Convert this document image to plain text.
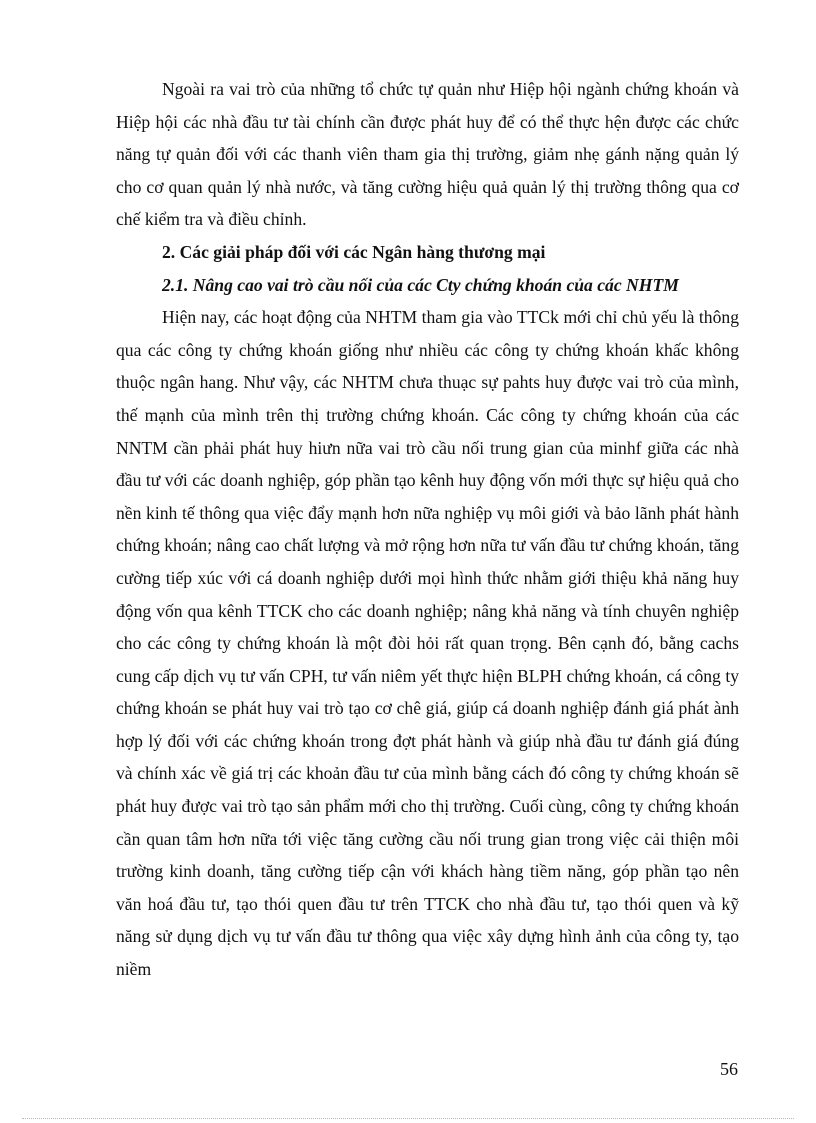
Ngoài ra vai trò của những tổ chức tự quản như Hiệp hội ngành chứng khoán và Hiệp hội các nhà đầu tư tài chính cần được phát huy để có thể thực hện được các chức năng tự quản đối với các thanh viên tham gia thị trường, giảm nhẹ gánh nặng quản lý cho cơ quan quản lý nhà nước, và tăng cường hiệu quả quản lý thị trường thông qua cơ chế kiểm tra và điều chỉnh.

2. Các giải pháp đối với các Ngân hàng thương mại

2.1. Nâng cao vai trò cầu nối của các Cty chứng khoán của các NHTM

Hiện nay, các hoạt động của NHTM tham gia vào TTCk mới chỉ chủ yếu là thông qua các công ty chứng khoán giống như nhiều các công ty chứng khoán khấc không thuộc ngân hang. Như vậy, các NHTM chưa thuạc sự pahts huy được vai trò của mình, thế mạnh của mình trên thị trường chứng khoán. Các công ty chứng khoán của các NNTM cần phải phát huy hiưn nữa vai trò cầu nối trung gian của minhf giữa các nhà đầu tư với các doanh nghiệp, góp phần tạo kênh huy động vốn mới thực sự hiệu quả cho nền kinh tế thông qua việc đẩy mạnh hơn nữa nghiệp vụ môi giới và bảo lãnh phát hành chứng khoán; nâng cao chất lượng và mở rộng hơn nữa tư vấn đầu tư chứng khoán, tăng cường tiếp xúc với cá doanh nghiệp dưới mọi hình thức nhằm giới thiệu khả năng huy động vốn qua kênh TTCK cho các doanh nghiệp; nâng khả năng và tính chuyên nghiệp cho các công ty chứng khoán là một đòi hỏi rất quan trọng. Bên cạnh đó, bằng cachs cung cấp dịch vụ tư vấn CPH, tư vấn niêm yết thực hiện BLPH chứng khoán, cá công ty chứng khoán se phát huy vai trò tạo cơ chê giá, giúp cá doanh nghiệp đánh giá phát ành hợp lý đối với các chứng khoán trong đợt phát hành và giúp nhà đầu tư đánh giá đúng và chính xác về giá trị các khoản đầu tư của mình bằng cách đó công ty chứng khoán sẽ phát huy được vai trò tạo sản phẩm mới cho thị trường. Cuối cùng, công ty chứng khoán cần quan tâm hơn nữa tới việc tăng cường cầu nối trung gian trong việc cải thiện môi trường kinh doanh, tăng cường tiếp cận với khách hàng tiềm năng, góp phần tạo nên văn hoá đầu tư, tạo thói quen đầu tư trên TTCK cho nhà đầu tư, tạo thói quen và kỹ năng sử dụng dịch vụ tư vấn đầu tư thông qua việc xây dựng hình ảnh của công ty, tạo niềm

56
